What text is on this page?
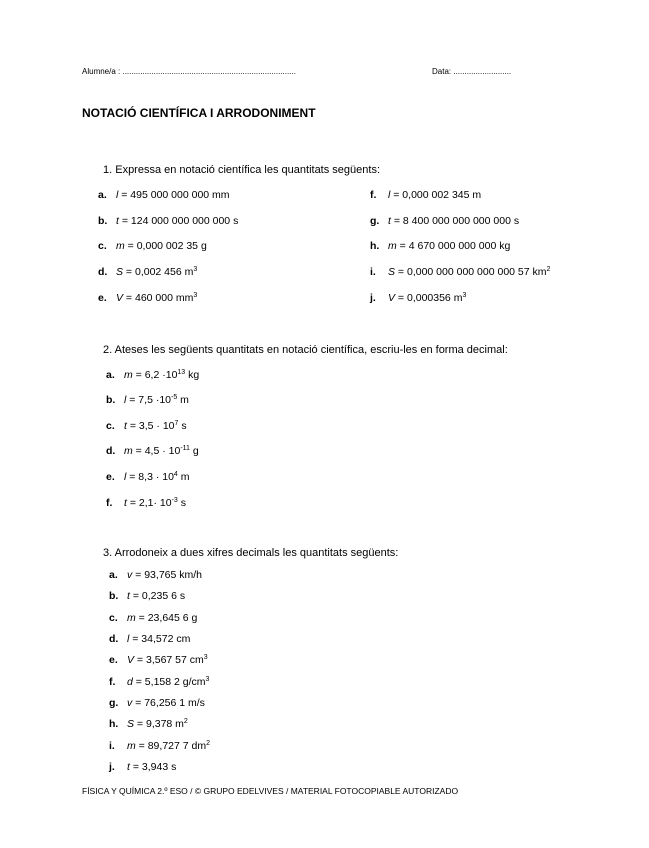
Alumne/a : ..............................................................................	Data: ..........................
NOTACIÓ CIENTÍFICA I ARRODONIMENT
1. Expressa en notació científica les quantitats següents:
a. l = 495 000 000 000 mm
b. t = 124 000 000 000 000 s
c. m = 0,000 002 35 g
d. S = 0,002 456 $m^3$
e. V = 460 000 $mm^3$
f. l = 0,000 002 345 m
g. t = 8 400 000 000 000 000 s
h. m = 4 670 000 000 000 kg
i. S = 0,000 000 000 000 000 57 $km^2$
j. V = 0,000356 $m^3$
2. Ateses les següents quantitats en notació científica, escriu-les en forma decimal:
a. $m = 6,2 \cdot 10^{13}$ kg
b. $l = 7,5 \cdot 10^{-5}$ m
c. $t = 3,5 \cdot 10^7$ s
d. $m = 4,5 \cdot 10^{-11}$ g
e. $l = 8,3 \cdot 10^4$ m
f. $t = 2,1\cdot 10^{-3}$ s
3. Arrodoneix a dues xifres decimals les quantitats següents:
a. v = 93,765 km/h
b. t = 0,235 6 s
c. m = 23,645 6 g
d. l = 34,572 cm
e. V = 3,567 57 $cm^3$
f. d = 5,158 2 $g/cm^3$
g. v = 76,256 1 m/s
h. S = 9,378 $m^2$
i. m = 89,727 7 $dm^2$
j. t = 3,943 s
FÍSICA Y QUÍMICA 2.º ESO / © GRUPO EDELVIVES / MATERIAL FOTOCOPIABLE AUTORIZADO
